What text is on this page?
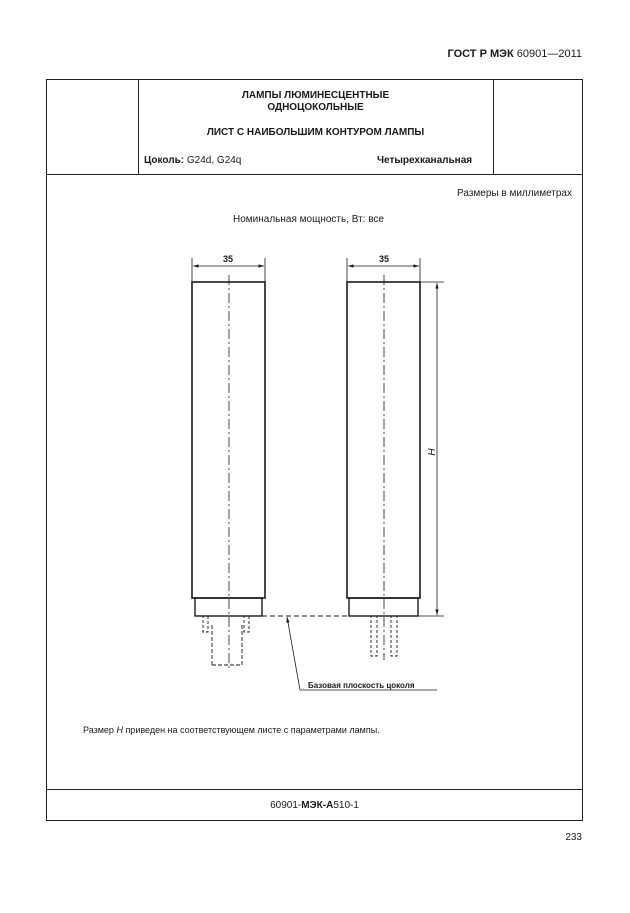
ГОСТ Р МЭК 60901—2011
ЛАМПЫ ЛЮМИНЕСЦЕНТНЫЕ
ОДНОЦОКОЛЬНЫЕ
ЛИСТ С НАИБОЛЬШИМ КОНТУРОМ ЛАМПЫ
Цоколь: G24d, G24q	Четырехканальная
Размеры в миллиметрах
Номинальная мощность, Вт: все
Размер H приведен на соответствующем листе с параметрами лампы.
60901-МЭК-А510-1
35	35
H
Базовая плоскость цоколя
233
